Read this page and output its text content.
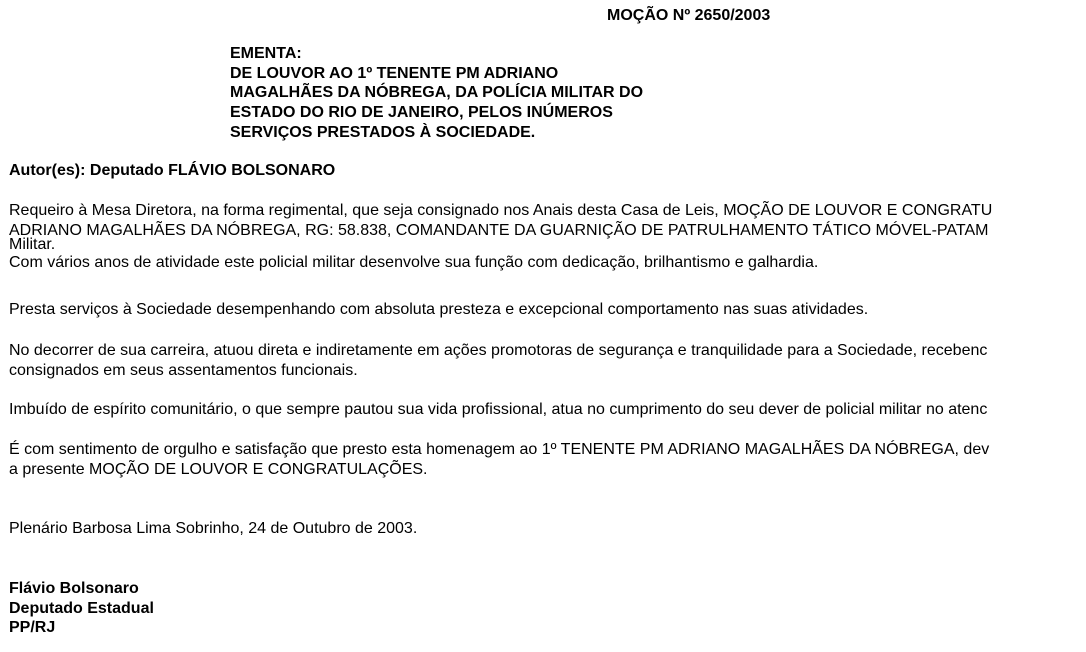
MOÇÃO Nº 2650/2003
EMENTA:
DE LOUVOR AO 1º TENENTE PM ADRIANO
MAGALHÃES DA NÓBREGA, DA POLÍCIA MILITAR DO
ESTADO DO RIO DE JANEIRO, PELOS INÚMEROS
SERVIÇOS PRESTADOS À SOCIEDADE.
Autor(es): Deputado FLÁVIO BOLSONARO
Requeiro à Mesa Diretora, na forma regimental, que seja consignado nos Anais desta Casa de Leis, MOÇÃO DE LOUVOR E CONGRATU
ADRIANO MAGALHÃES DA NÓBREGA, RG: 58.838, COMANDANTE DA GUARNIÇÃO DE PATRULHAMENTO TÁTICO MÓVEL-PATAM
Militar.
Com vários anos de atividade este policial militar desenvolve sua função com dedicação, brilhantismo e galhardia.
Presta serviços à Sociedade desempenhando com absoluta presteza e excepcional comportamento nas suas atividades.
No decorrer de sua carreira, atuou direta e indiretamente em ações promotoras de segurança e tranquilidade para a Sociedade, recebenc
consignados em seus assentamentos funcionais.
Imbuído de espírito comunitário, o que sempre pautou sua vida profissional, atua no cumprimento do seu dever de policial militar no atenc
É com sentimento de orgulho e satisfação que presto esta homenagem ao 1º TENENTE PM ADRIANO MAGALHÃES DA NÓBREGA, dev
a presente MOÇÃO DE LOUVOR E CONGRATULAÇÕES.
Plenário Barbosa Lima Sobrinho, 24 de Outubro de 2003.
Flávio Bolsonaro
Deputado Estadual
PP/RJ
